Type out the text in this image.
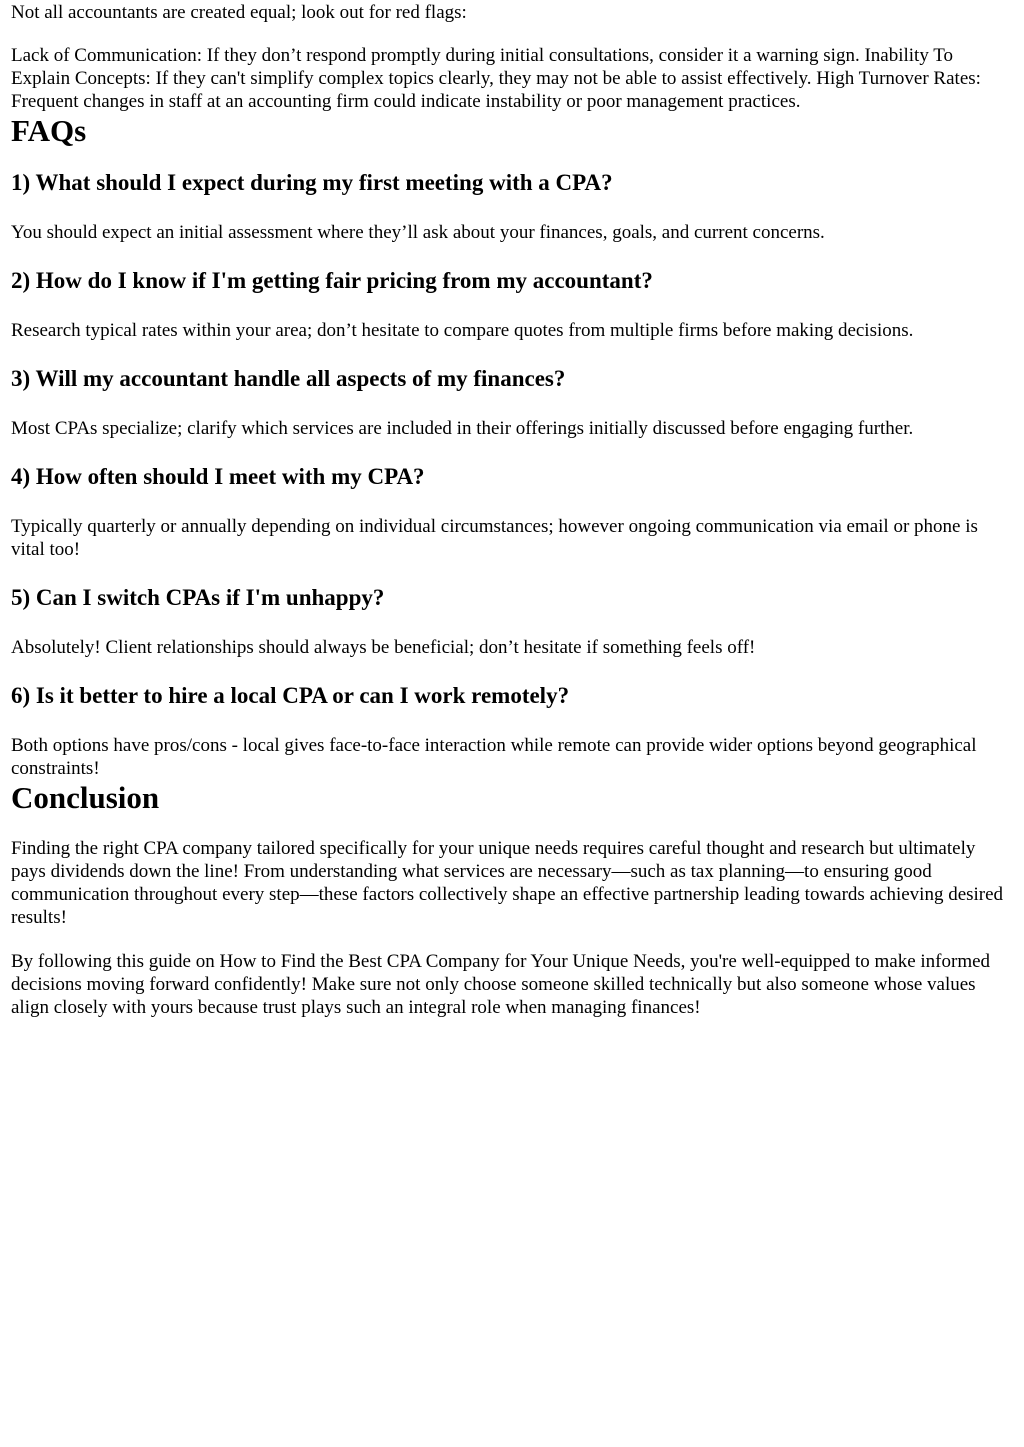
Not all accountants are created equal; look out for red flags:

Lack of Communication: If they don’t respond promptly during initial consultations, consider it a warning sign. Inability To Explain Concepts: If they can't simplify complex topics clearly, they may not be able to assist effectively. High Turnover Rates: Frequent changes in staff at an accounting firm could indicate instability or poor management practices.

FAQs
1) What should I expect during my first meeting with a CPA?

You should expect an initial assessment where they’ll ask about your finances, goals, and current concerns.

2) How do I know if I'm getting fair pricing from my accountant?

Research typical rates within your area; don’t hesitate to compare quotes from multiple firms before making decisions.

3) Will my accountant handle all aspects of my finances?

Most CPAs specialize; clarify which services are included in their offerings initially discussed before engaging further.

4) How often should I meet with my CPA?

Typically quarterly or annually depending on individual circumstances; however ongoing communication via email or phone is vital too!

5) Can I switch CPAs if I'm unhappy?

Absolutely! Client relationships should always be beneficial; don’t hesitate if something feels off!

6) Is it better to hire a local CPA or can I work remotely?

Both options have pros/cons - local gives face-to-face interaction while remote can provide wider options beyond geographical constraints!

Conclusion

Finding the right CPA company tailored specifically for your unique needs requires careful thought and research but ultimately pays dividends down the line! From understanding what services are necessary—such as tax planning—to ensuring good communication throughout every step—these factors collectively shape an effective partnership leading towards achieving desired results!

By following this guide on How to Find the Best CPA Company for Your Unique Needs, you're well-equipped to make informed decisions moving forward confidently! Make sure not only choose someone skilled technically but also someone whose values align closely with yours because trust plays such an integral role when managing finances!
